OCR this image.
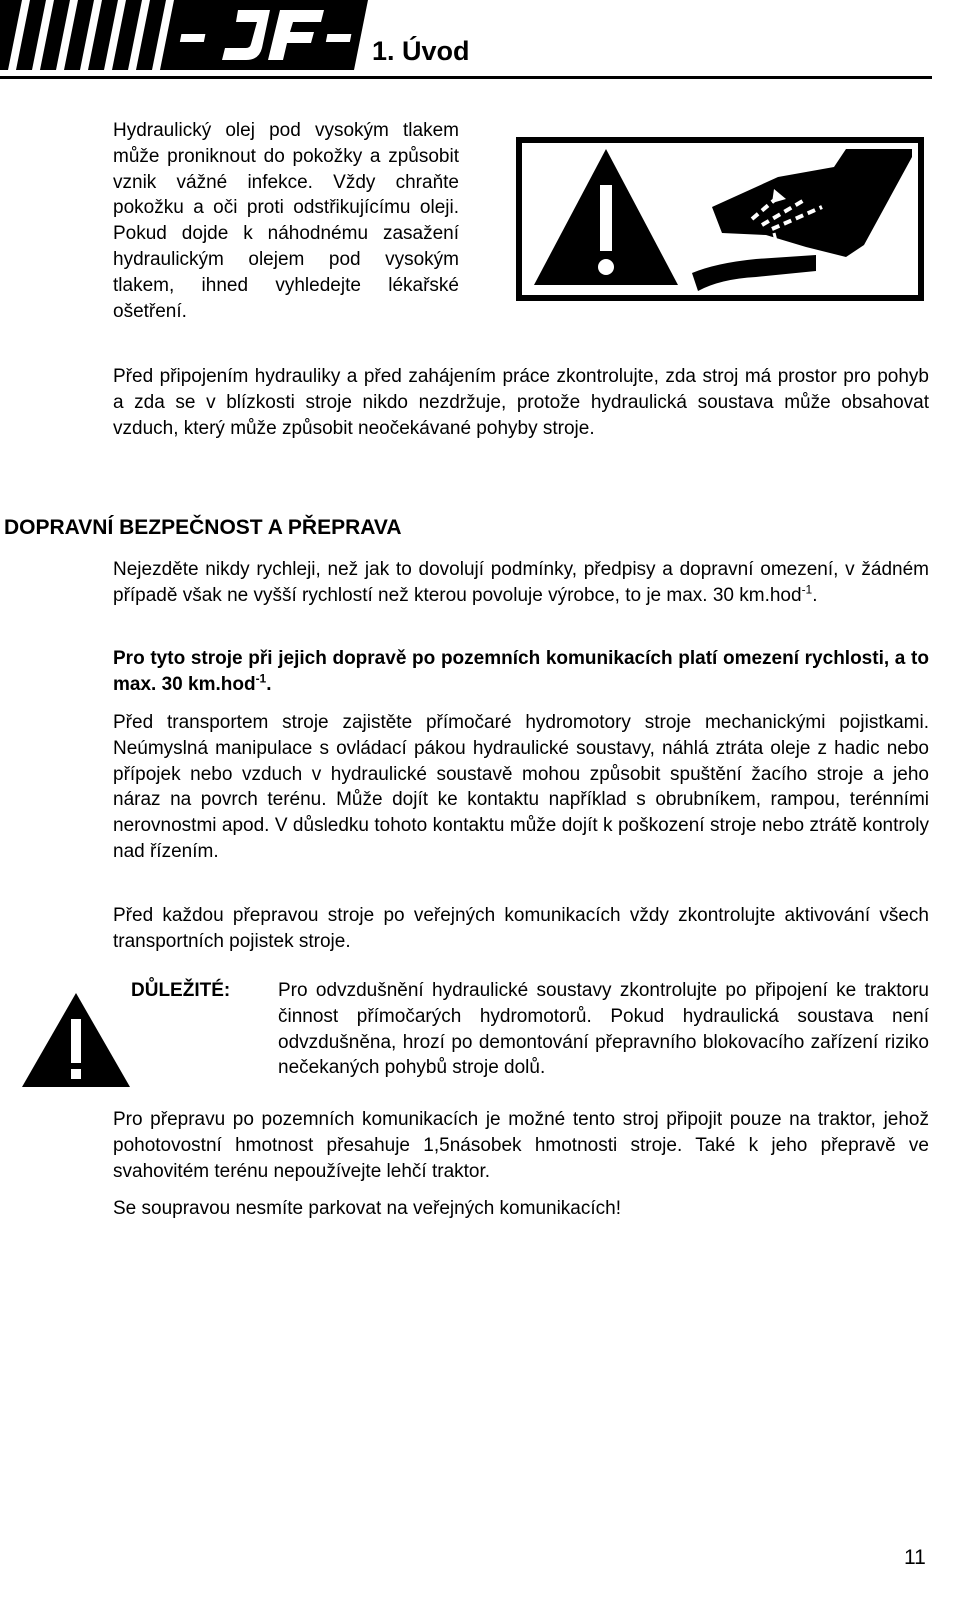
1. Úvod
Hydraulický olej pod vysokým tlakem může proniknout do pokožky a způsobit vznik vážné infekce. Vždy chraňte pokožku a oči proti odstřikujícímu oleji. Pokud dojde k náhodnému zasažení hydraulickým olejem pod vysokým tlakem, ihned vyhledejte lékařské ošetření.
Před připojením hydrauliky a před zahájením práce zkontrolujte, zda stroj má prostor pro pohyb a zda se v blízkosti stroje nikdo nezdržuje, protože hydraulická soustava může obsahovat vzduch, který může způsobit neočekávané pohyby stroje.
DOPRAVNÍ BEZPEČNOST A PŘEPRAVA
Nejezděte nikdy rychleji, než jak to dovolují podmínky, předpisy a dopravní omezení, v žádném případě však ne vyšší rychlostí než kterou povoluje výrobce, to je max. 30 km.hod$^{-1}$.
Pro tyto stroje při jejich dopravě po pozemních komunikacích platí omezení rychlosti, a to max. 30 km.hod$^{-1}$.
Před transportem stroje zajistěte přímočaré hydromotory stroje mechanickými pojistkami. Neúmyslná manipulace s ovládací pákou hydraulické soustavy, náhlá ztráta oleje z hadic nebo přípojek nebo vzduch v hydraulické soustavě mohou způsobit spuštění žacího stroje a jeho náraz na povrch terénu. Může dojít ke kontaktu například s obrubníkem, rampou, terénními nerovnostmi apod. V důsledku tohoto kontaktu může dojít k poškození stroje nebo ztrátě kontroly nad řízením.
Před každou přepravou stroje po veřejných komunikacích vždy zkontrolujte aktivování všech transportních pojistek stroje.
DŮLEŽITÉ:	Pro odvzdušnění hydraulické soustavy zkontrolujte po připojení ke traktoru činnost přímočarých hydromotorů. Pokud hydraulická soustava není odvzdušněna, hrozí po demontování přepravního blokovacího zařízení riziko nečekaných pohybů stroje dolů.
Pro přepravu po pozemních komunikacích je možné tento stroj připojit pouze na traktor, jehož pohotovostní hmotnost přesahuje 1,5násobek hmotnosti stroje. Také k jeho přepravě ve svahovitém terénu nepoužívejte lehčí traktor.
Se soupravou nesmíte parkovat na veřejných komunikacích!
11
